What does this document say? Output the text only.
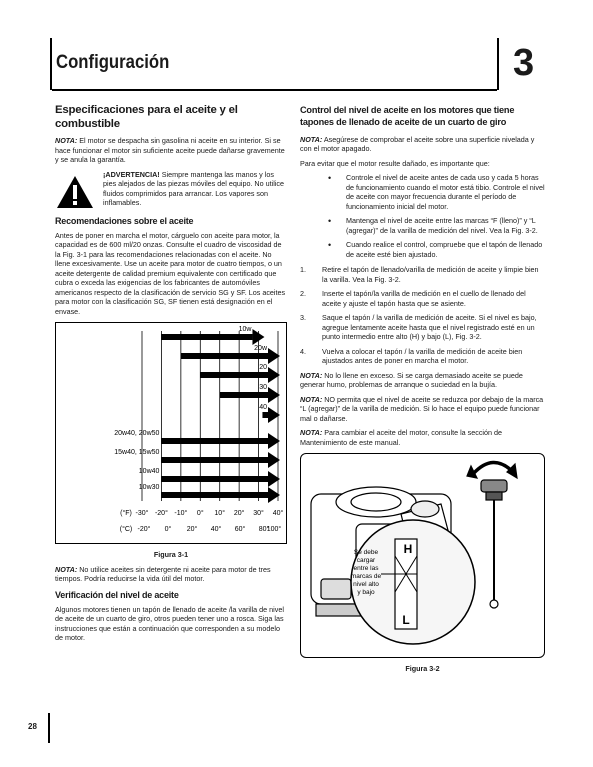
Configuración	3
Especificaciones para el aceite y el combustible

NOTA: El motor se despacha sin gasolina ni aceite en su interior. Si se hace funcionar el motor sin suficiente aceite puede dañarse gravemente y se anula la garantía.

¡ADVERTENCIA! Siempre mantenga las manos y los pies alejados de las piezas móviles del equipo. No utilice fluidos comprimidos para arrancar. Los vapores son inflamables.
Recomendaciones sobre el aceite

Antes de poner en marcha el motor, cárguelo con aceite para motor, la capacidad es de 600 ml/20 onzas. Consulte el cuadro de viscosidad de la Fig. 3-1 para las recomendaciones relacionadas con el aceite. No llene excesivamente. Use un aceite para motor de cuatro tiempos, o un aceite detergente de calidad premium equivalente con certificado que cubra o exceda las exigencias de los fabricantes de automóviles americanos respecto de la clasificación de servicio SG y SF. Los aceites para motor con la clasificación SG, SF tienen está designación en el envase.

10w
20w
20
30
40
20w40, 20w50
15w40, 15w50
10w40
10w30
(°F) -30° -20° -10° 0° 10° 20° 30° 40°
(°C) -20° 0° 20° 40° 60° 80°
100°
Figura 3-1

NOTA: No utilice aceites sin detergente ni aceite para motor de tres tiempos. Podría reducirse la vida útil del motor.

Verificación del nivel de aceite

Algunos motores tienen un tapón de llenado de aceite /la varilla de nivel de aceite de un cuarto de giro, otros pueden tener uno a rosca. Siga las instrucciones que están a continuación que corresponden a su modelo de motor.

Control del nivel de aceite en los motores que tiene tapones de llenado de aceite de un cuarto de giro

NOTA: Asegúrese de comprobar el aceite sobre una superficie nivelada y con el motor apagado.

Para evitar que el motor resulte dañado, es importante que:

• Controle el nivel de aceite antes de cada uso y cada 5 horas de funcionamiento cuando el motor está tibio. Controle el nivel de aceite con mayor frecuencia durante el período de funcionamiento inicial del motor.
• Mantenga el nivel de aceite entre las marcas “F (lleno)” y “L (agregar)” de la varilla de medición del nivel. Vea la Fig. 3-2.
• Cuando realice el control, compruebe que el tapón de llenado de aceite esté bien ajustado.
1. Retire el tapón de llenado/varilla de medición de aceite y limpie bien la varilla. Vea la Fig. 3-2.
2. Inserte el tapón/la varilla de medición en el cuello de llenado del aceite y ajuste el tapón hasta que se asiente.
3. Saque el tapón / la varilla de medición de aceite. Si el nivel es bajo, agregue lentamente aceite hasta que el nivel registrado esté en un punto intermedio entre alto (H) y bajo (L), Fig. 3-2.
4. Vuelva a colocar el tapón / la varilla de medición de aceite bien ajustados antes de poner en marcha el motor.

NOTA: No lo llene en exceso. Si se carga demasiado aceite se puede generar humo, problemas de arranque o suciedad en la bujía.

NOTA: NO permita que el nivel de aceite se reduzca por debajo de la marca “L (agregar)” de la varilla de medición. Si lo hace el equipo puede funcionar mal o dañarse.

NOTA: Para cambiar el aceite del motor, consulte la sección de Mantenimiento de este manual.

H
L
Se debe
cargar
entre las
marcas de
nivel alto
y bajo
Figura 3-2
28
